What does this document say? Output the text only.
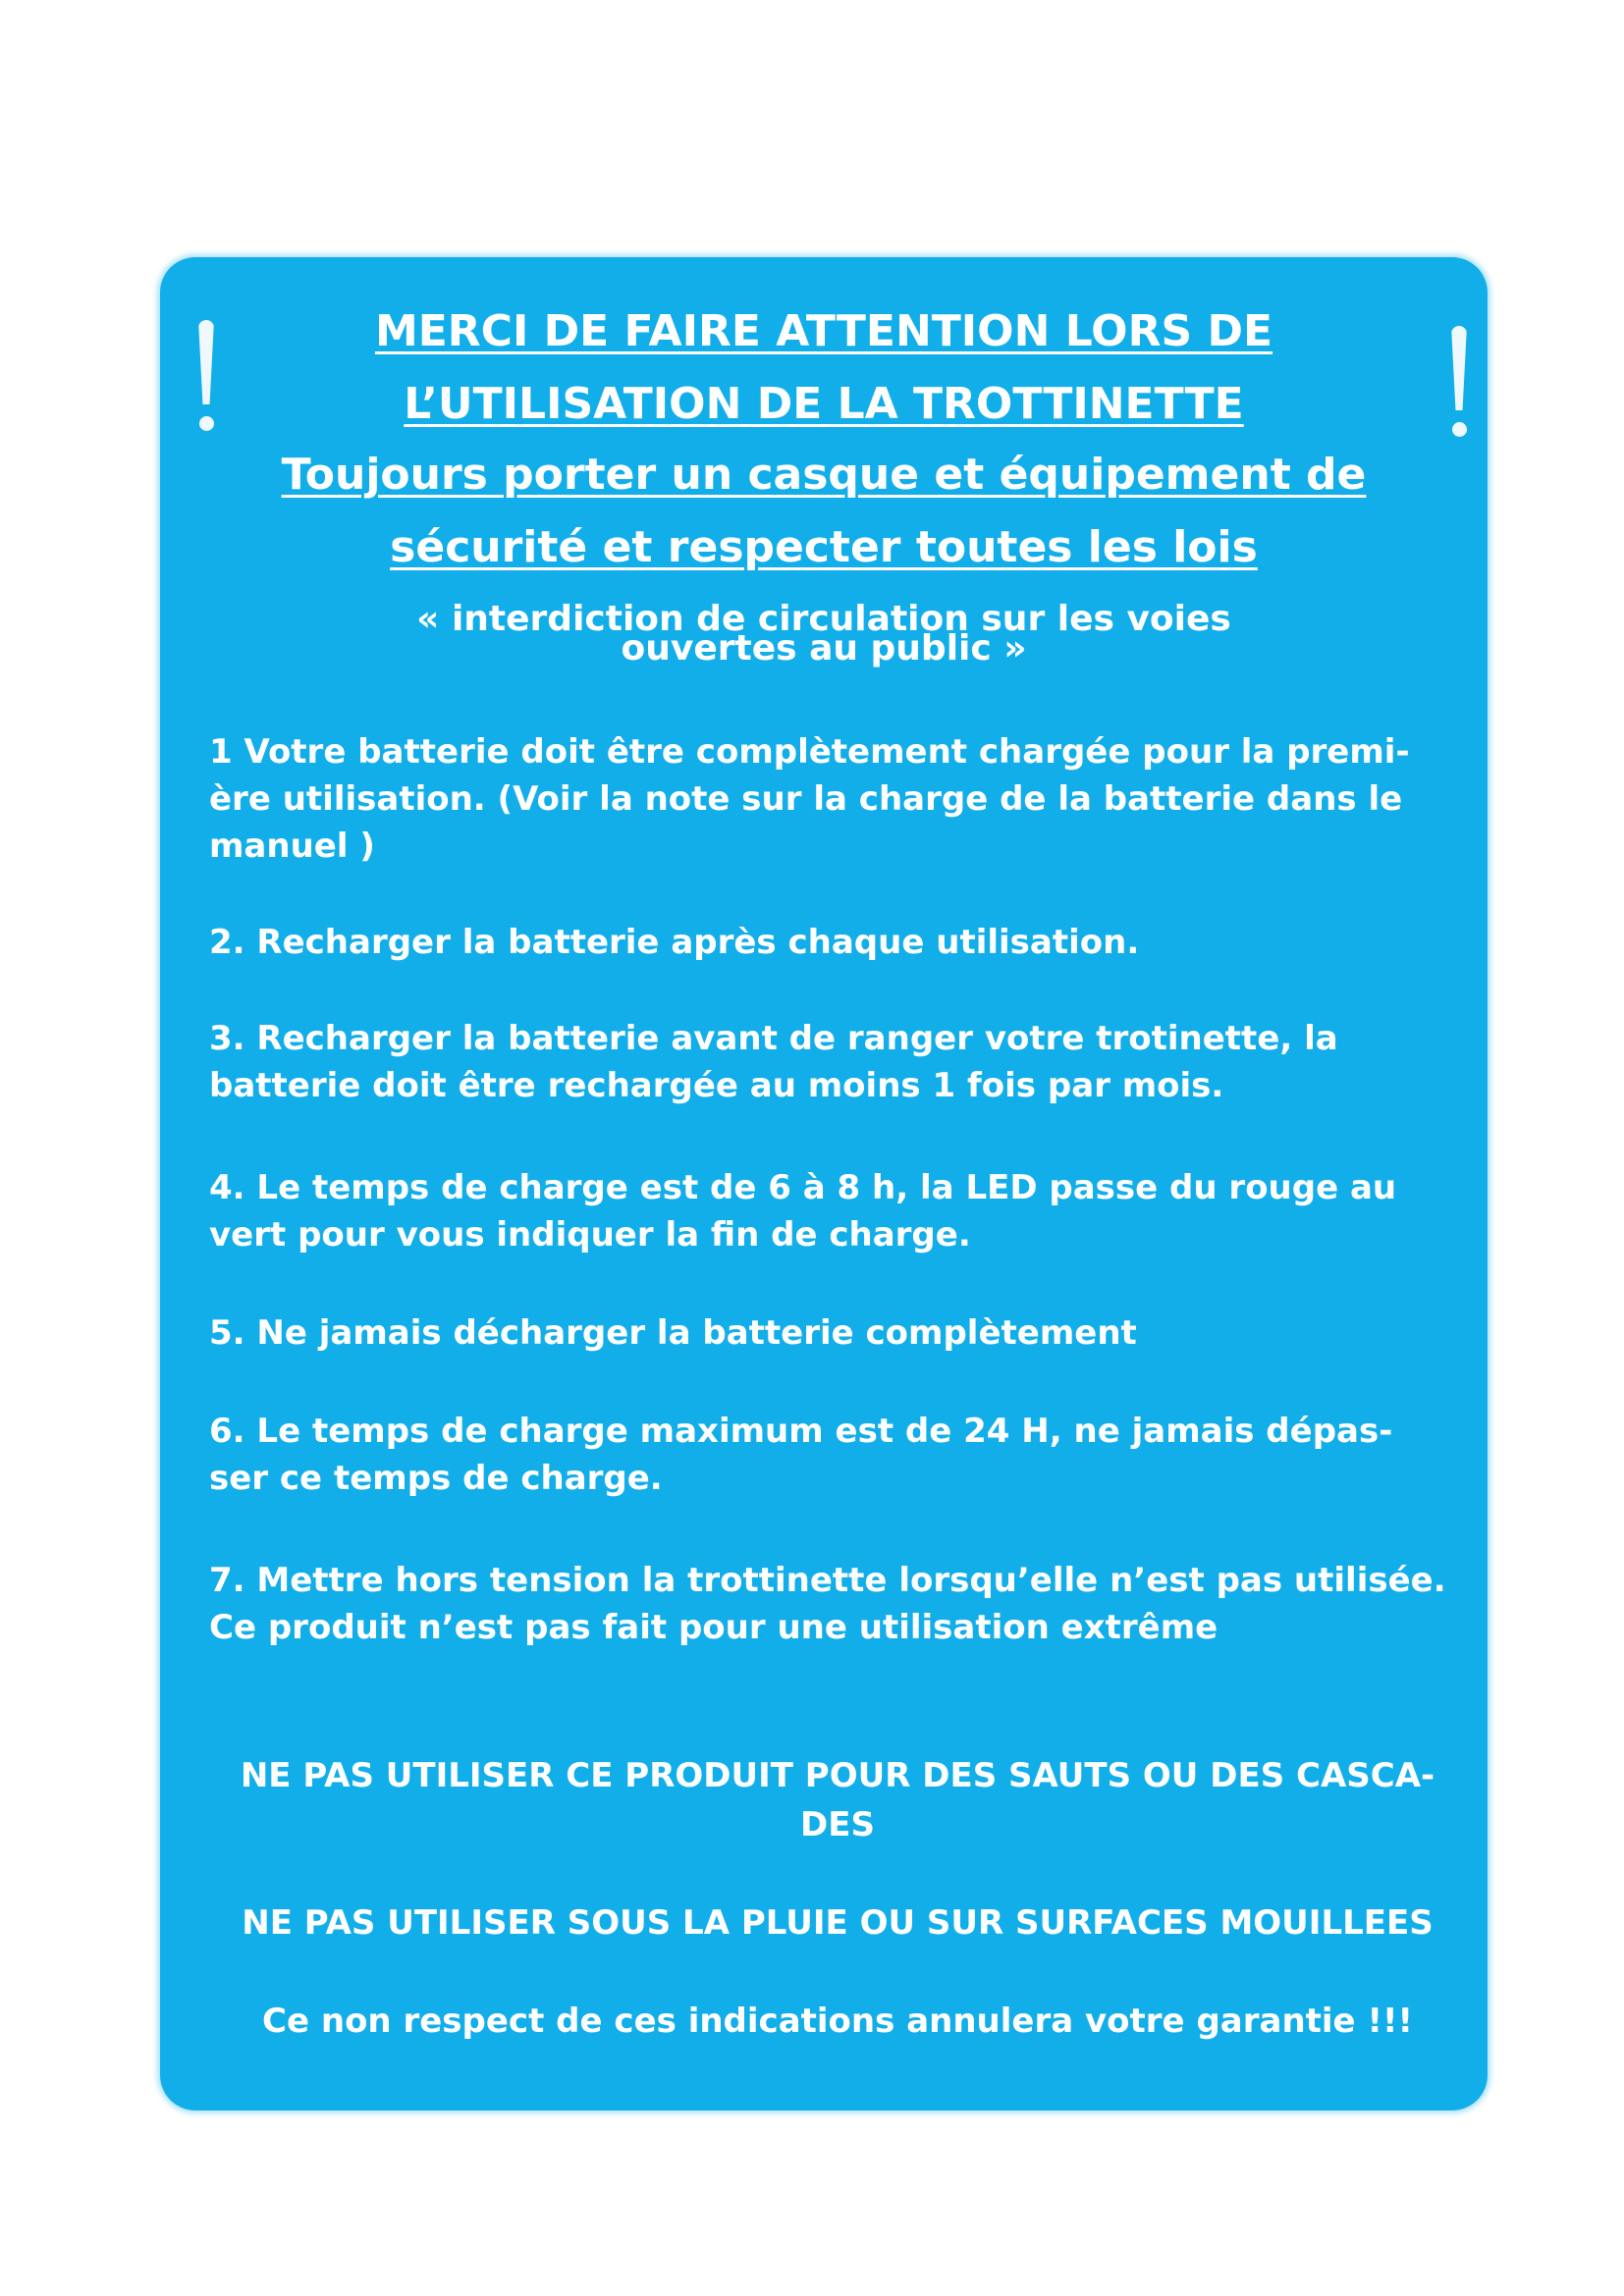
MERCI DE FAIRE ATTENTION LORS DE
L’UTILISATION DE LA TROTTINETTE
Toujours porter un casque et équipement de
sécurité et respecter toutes les lois
« interdiction de circulation sur les voies
ouvertes au public »
1 Votre batterie doit être complètement chargée pour la premi-
ère utilisation. (Voir la note sur la charge de la batterie dans le
manuel )
2. Recharger la batterie après chaque utilisation.
3. Recharger la batterie avant de ranger votre trotinette, la
batterie doit être rechargée au moins 1 fois par mois.
4. Le temps de charge est de 6 à 8 h, la LED passe du rouge au
vert pour vous indiquer la fin de charge.
5. Ne jamais décharger la batterie complètement
6. Le temps de charge maximum est de 24 H, ne jamais dépas-
ser ce temps de charge.
7. Mettre hors tension la trottinette lorsqu’elle n’est pas utilisée.
Ce produit n’est pas fait pour une utilisation extrême
NE PAS UTILISER CE PRODUIT POUR DES SAUTS OU DES CASCA-
DES
NE PAS UTILISER SOUS LA PLUIE OU SUR SURFACES MOUILLEES
Ce non respect de ces indications annulera votre garantie !!!
